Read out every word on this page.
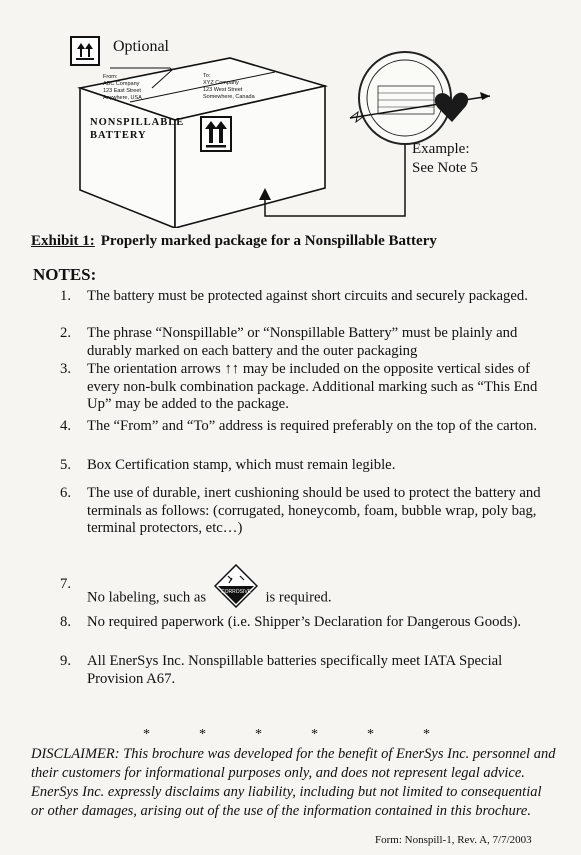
Optional
From:
ABC Company
123 East Street
Anywhere, USA
To:
XYZ Company
123 West Street
Somewhere, Canada
NONSPILLABLE
BATTERY
Example:
See Note 5
Exhibit 1: Properly marked package for a Nonspillable Battery
NOTES:
1.	The battery must be protected against short circuits and securely packaged.
2.	The phrase “Nonspillable” or “Nonspillable Battery” must be plainly and durably marked on each battery and the outer packaging
3.	The orientation arrows ↑↑ may be included on the opposite vertical sides of every non-bulk combination package. Additional marking such as “This End Up” may be added to the package.
4.	The “From” and “To” address is required preferably on the top of the carton.
5.	Box Certification stamp, which must remain legible.
6.	The use of durable, inert cushioning should be used to protect the battery and terminals as follows: (corrugated, honeycomb, foam, bubble wrap, poly bag, terminal protectors, etc…)
7.
No labeling, such as	CORROSIVE is required.
8.	No required paperwork (i.e. Shipper’s Declaration for Dangerous Goods).
9.	All EnerSys Inc. Nonspillable batteries specifically meet IATA Special Provision A67.
*	*	*	*	*	*
DISCLAIMER: This brochure was developed for the benefit of EnerSys Inc. personnel and their customers for informational purposes only, and does not represent legal advice. EnerSys Inc. expressly disclaims any liability, including but not limited to consequential or other damages, arising out of the use of the information contained in this brochure.
Form: Nonspill-1, Rev. A, 7/7/2003
